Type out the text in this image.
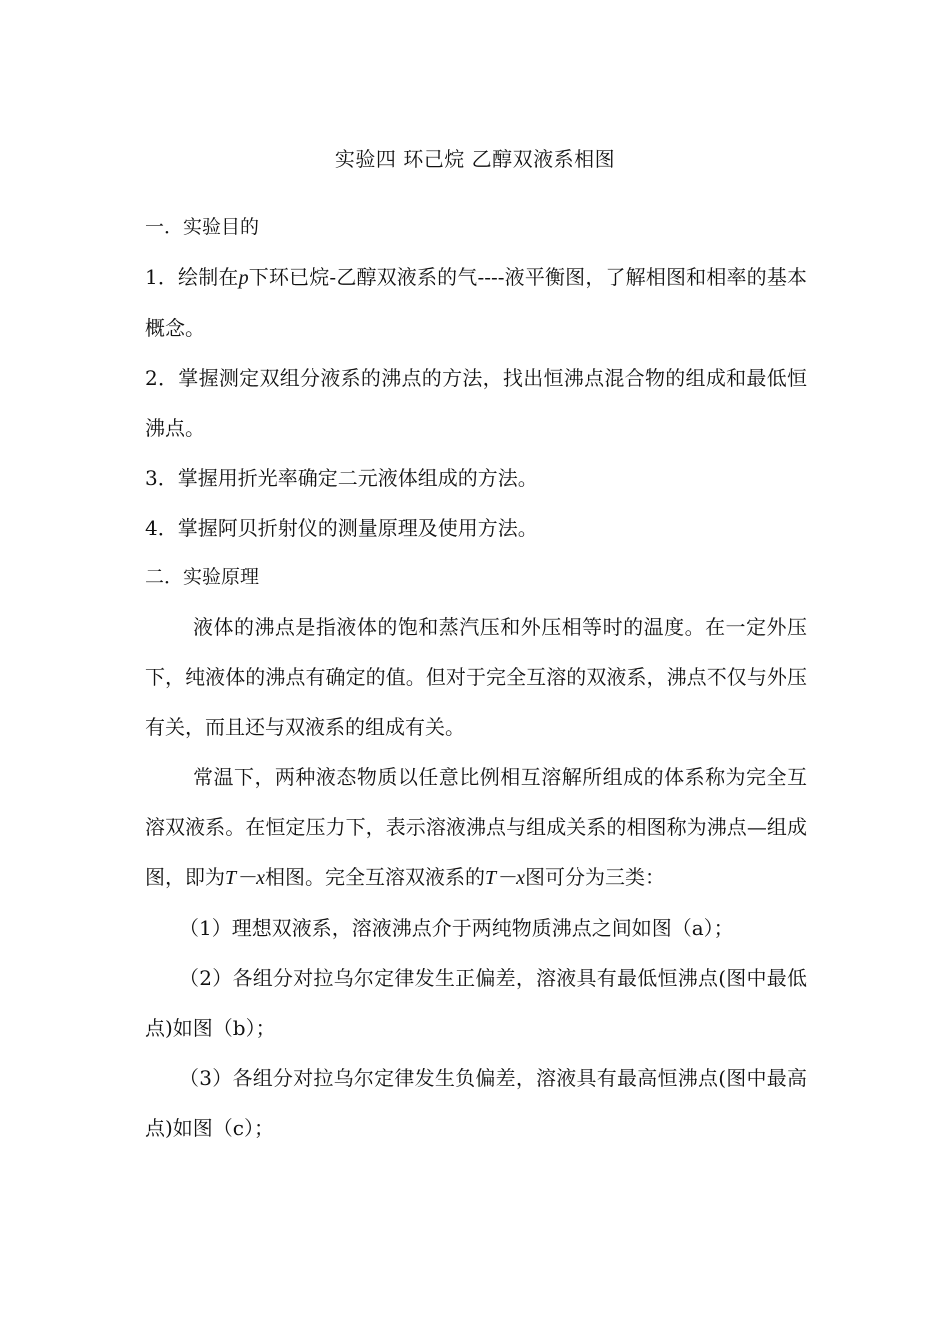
实验四 环己烷 乙醇双液系相图
一．实验目的
1．绘制在p下环已烷-乙醇双液系的气----液平衡图，了解相图和相率的基本概念。
2．掌握测定双组分液系的沸点的方法，找出恒沸点混合物的组成和最低恒沸点。
3．掌握用折光率确定二元液体组成的方法。
4．掌握阿贝折射仪的测量原理及使用方法。
二．实验原理
液体的沸点是指液体的饱和蒸汽压和外压相等时的温度。在一定外压下，纯液体的沸点有确定的值。但对于完全互溶的双液系，沸点不仅与外压有关，而且还与双液系的组成有关。
常温下，两种液态物质以任意比例相互溶解所组成的体系称为完全互溶双液系。在恒定压力下，表示溶液沸点与组成关系的相图称为沸点—组成图，即为T－x相图。完全互溶双液系的T－x图可分为三类：
（1）理想双液系，溶液沸点介于两纯物质沸点之间如图（a）；
（2）各组分对拉乌尔定律发生正偏差，溶液具有最低恒沸点(图中最低点)如图（b）；
（3）各组分对拉乌尔定律发生负偏差，溶液具有最高恒沸点(图中最高点)如图（c）；
